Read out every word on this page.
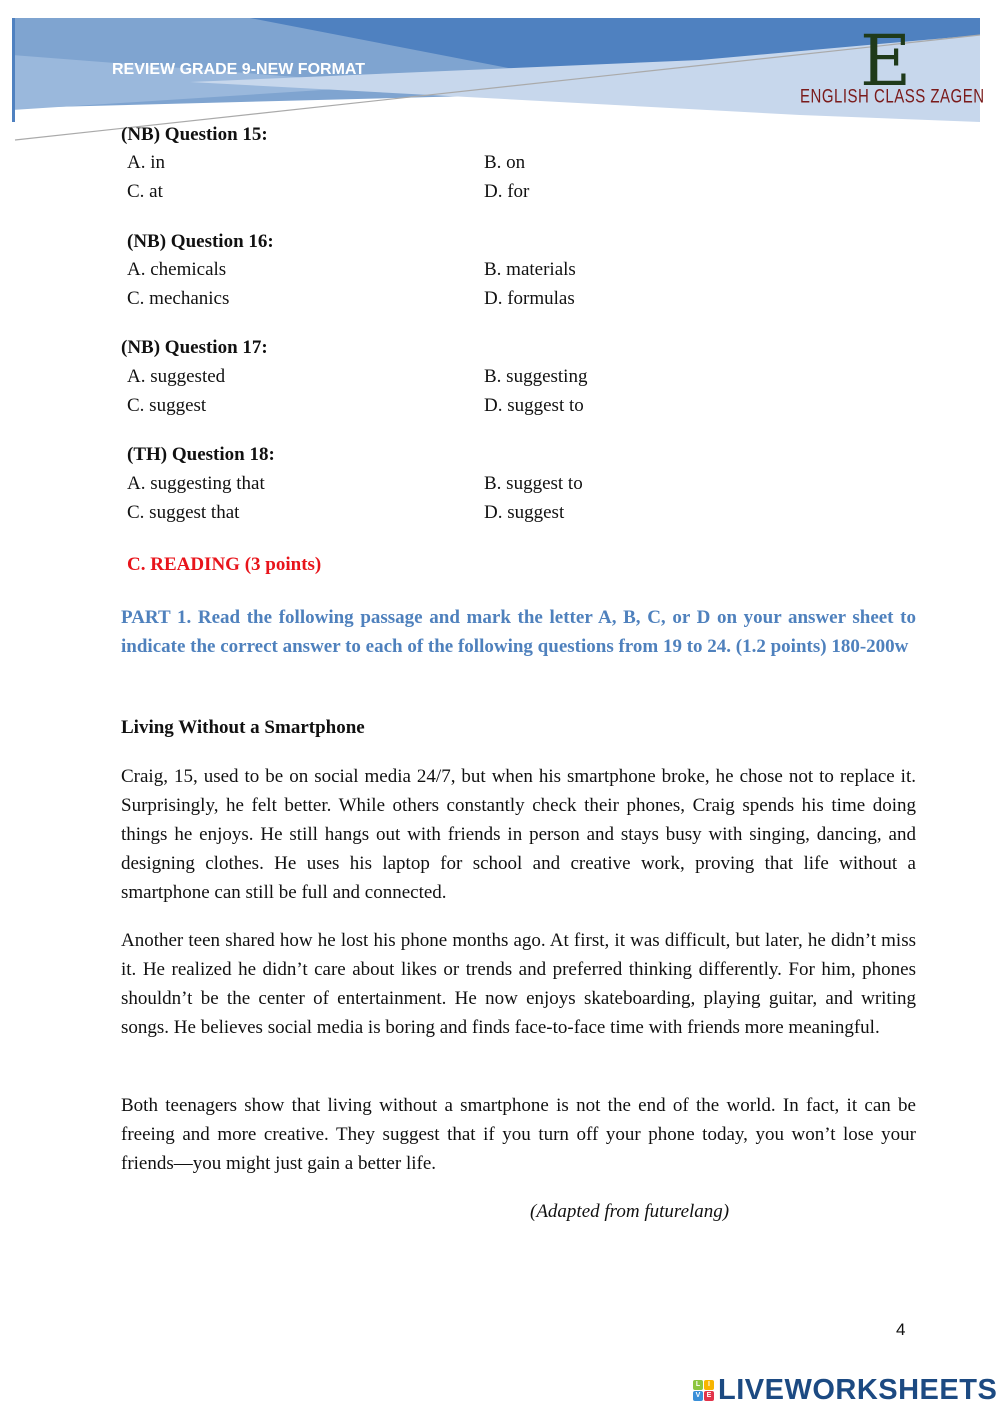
REVIEW GRADE 9-NEW FORMAT	E
ENGLISH CLASS ZAGEN
(NB) Question 15:
A. in	B. on
C. at	D. for
(NB) Question 16:
A. chemicals	B. materials
C. mechanics	D. formulas
(NB) Question 17:
A. suggested	B. suggesting
C. suggest	D. suggest to
(TH) Question 18:
A. suggesting that	B. suggest to
C. suggest that	D. suggest
C. READING (3 points)
PART 1. Read the following passage and mark the letter A, B, C, or D on your answer sheet to indicate the correct answer to each of the following questions from 19 to 24. (1.2 points) 180-200w
Living Without a Smartphone
Craig, 15, used to be on social media 24/7, but when his smartphone broke, he chose not to replace it. Surprisingly, he felt better. While others constantly check their phones, Craig spends his time doing things he enjoys. He still hangs out with friends in person and stays busy with singing, dancing, and designing clothes. He uses his laptop for school and creative work, proving that life without a smartphone can still be full and connected.
Another teen shared how he lost his phone months ago. At first, it was difficult, but later, he didn’t miss it. He realized he didn’t care about likes or trends and preferred thinking differently. For him, phones shouldn’t be the center of entertainment. He now enjoys skateboarding, playing guitar, and writing songs. He believes social media is boring and finds face-to-face time with friends more meaningful.
Both teenagers show that living without a smartphone is not the end of the world. In fact, it can be freeing and more creative. They suggest that if you turn off your phone today, you won’t lose your friends—you might just gain a better life.
(Adapted from futurelang)
4
L	I
V E LIVEWORKSHEETS
